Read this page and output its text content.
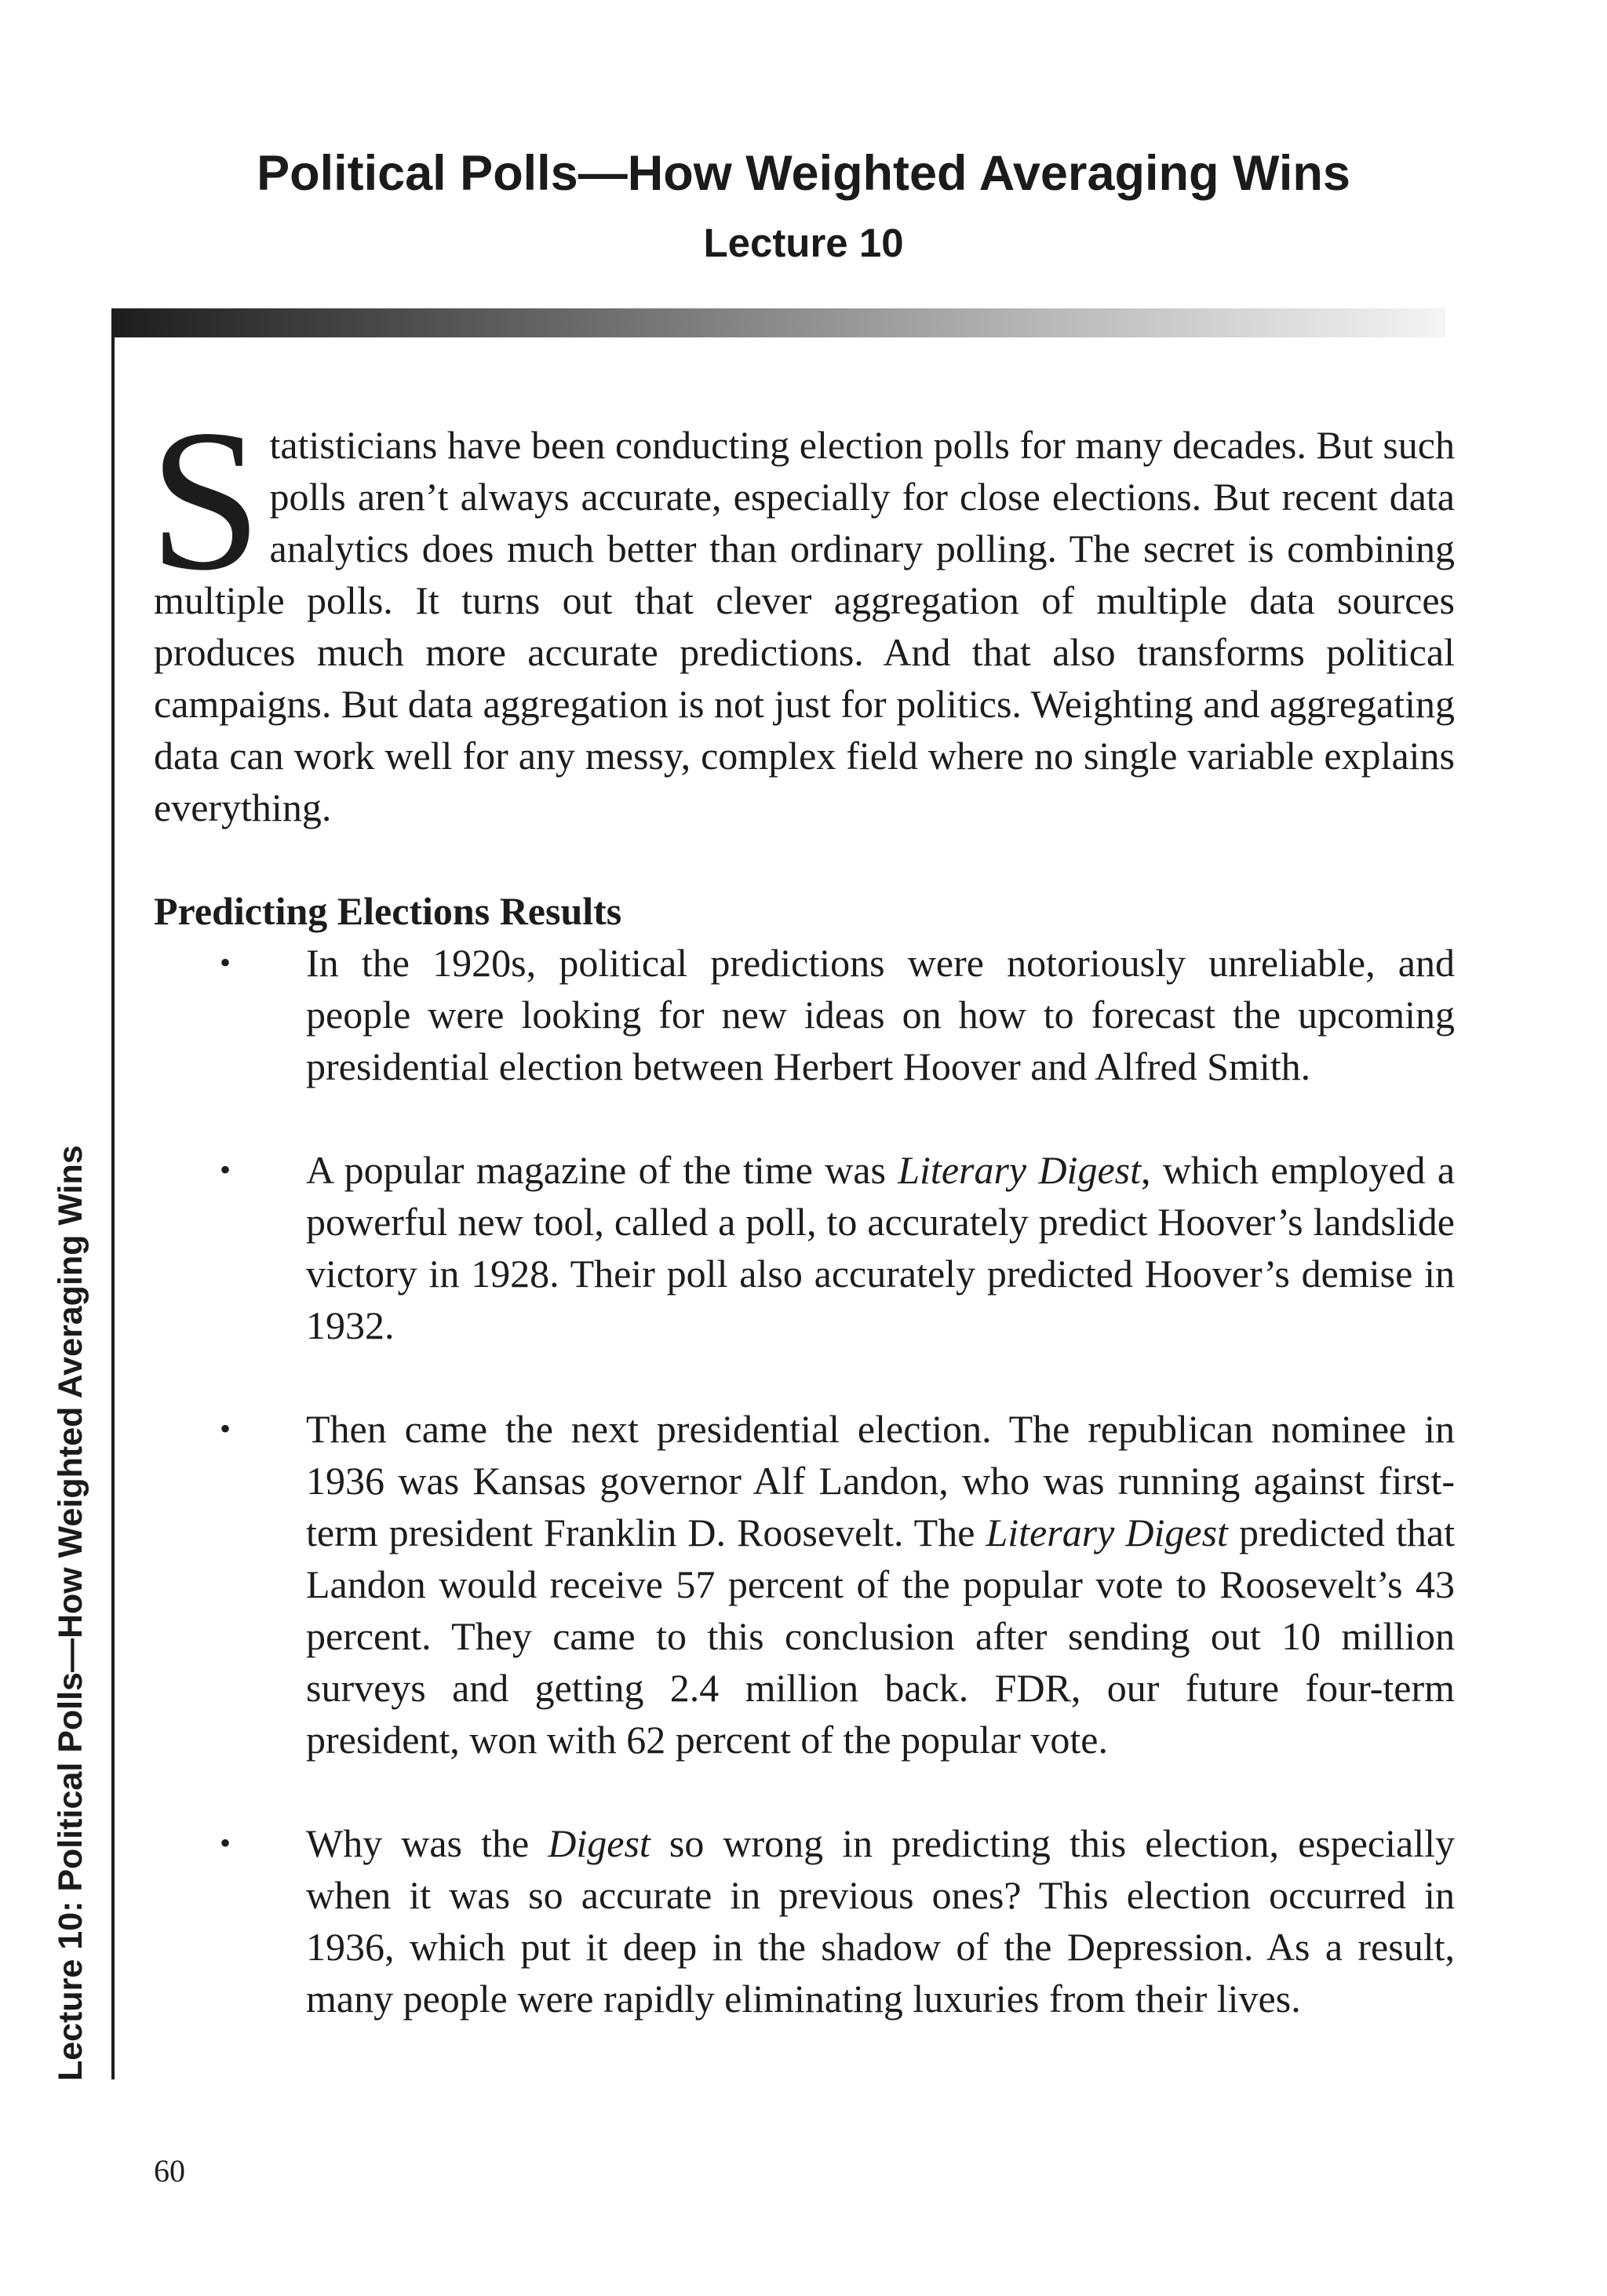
Political Polls—How Weighted Averaging Wins
Lecture 10
Lecture 10: Political Polls—How Weighted Averaging Wins

Statisticians have been conducting election polls for many decades. But such polls aren’t always accurate, especially for close elections. But recent data analytics does much better than ordinary polling. The secret is combining multiple polls. It turns out that clever aggregation of multiple data sources produces much more accurate predictions. And that also transforms political campaigns. But data aggregation is not just for politics. Weighting and aggregating data can work well for any messy, complex field where no single variable explains everything.

Predicting Elections Results
• In the 1920s, political predictions were notoriously unreliable, and people were looking for new ideas on how to forecast the upcoming presidential election between Herbert Hoover and Alfred Smith.

• A popular magazine of the time was Literary Digest, which employed a powerful new tool, called a poll, to accurately predict Hoover’s landslide victory in 1928. Their poll also accurately predicted Hoover’s demise in 1932.

• Then came the next presidential election. The republican nominee in 1936 was Kansas governor Alf Landon, who was running against first-term president Franklin D. Roosevelt. The Literary Digest predicted that Landon would receive 57 percent of the popular vote to Roosevelt’s 43 percent. They came to this conclusion after sending out 10 million surveys and getting 2.4 million back. FDR, our future four-term president, won with 62 percent of the popular vote.

• Why was the Digest so wrong in predicting this election, especially when it was so accurate in previous ones? This election occurred in 1936, which put it deep in the shadow of the Depression. As a result, many people were rapidly eliminating luxuries from their lives.

60
